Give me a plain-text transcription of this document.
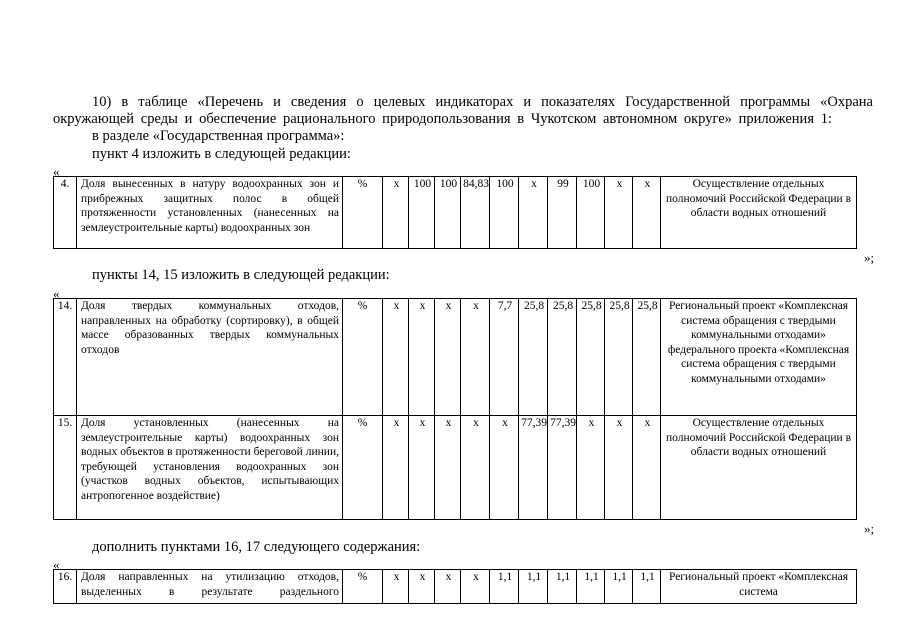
10) в таблице «Перечень и сведения о целевых индикаторах и показателях Государственной программы «Охрана
окружающей среды и обеспечение рационального природопользования в Чукотском автономном округе» приложения 1:
в разделе «Государственная программа»:
пункт 4 изложить в следующей редакции:
«
4.	Доля вынесенных в натуру водоохранных зон и прибрежных защитных полос в общей протяженности установленных (нанесенных на землеустроительные карты) водоохранных зон	%	x	100	100	84,83	100	x	99	100	x	x	Осуществление отдельных полномочий Российской Федерации в области водных отношений
»;
пункты 14, 15 изложить в следующей редакции:
«
14.	Доля твердых коммунальных отходов, направленных на обработку (сортировку), в общей массе образованных твердых коммунальных отходов	%	x	x	x	x	7,7	25,8	25,8	25,8	25,8	25,8	Региональный проект «Комплексная система обращения с твердыми коммунальными отходами» федерального проекта «Комплексная система обращения с твердыми коммунальными отходами»
15.	Доля установленных (нанесенных на землеустроительные карты) водоохранных зон водных объектов в протяженности береговой линии, требующей установления водоохранных зон (участков водных объектов, испытывающих антропогенное воздействие)	%	x	x	x	x	x	77,39	77,39	x	x	x	Осуществление отдельных полномочий Российской Федерации в области водных отношений
»;
дополнить пунктами 16, 17 следующего содержания:
«
16.	Доля направленных на утилизацию отходов, выделенных в результате раздельного	%	x	x	x	x	1,1	1,1	1,1	1,1	1,1	1,1	Региональный проект «Комплексная система
